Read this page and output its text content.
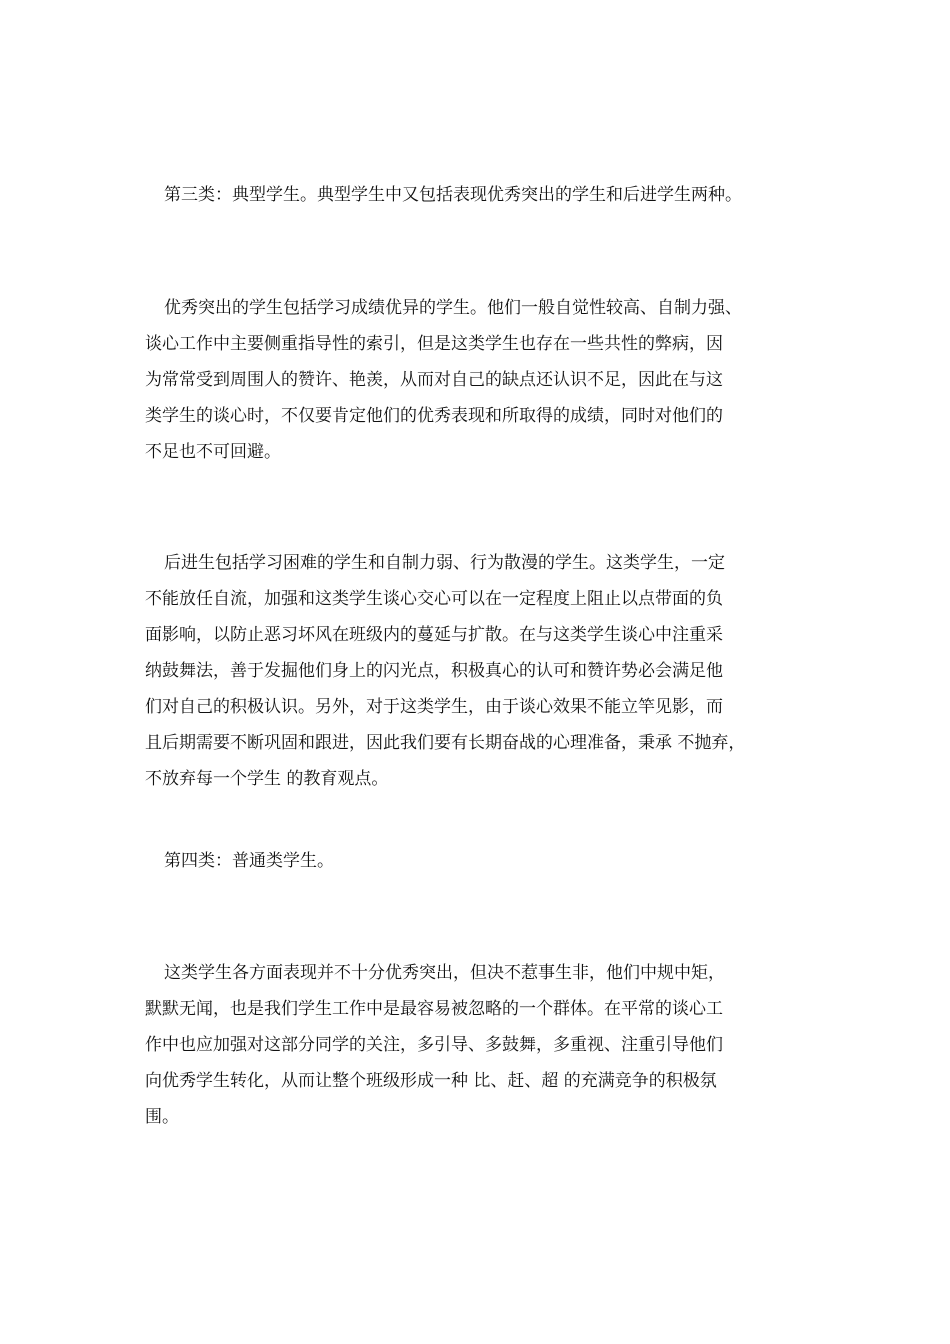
第三类：典型学生。典型学生中又包括表现优秀突出的学生和后进学生两种。

优秀突出的学生包括学习成绩优异的学生。他们一般自觉性较高、自制力强、
谈心工作中主要侧重指导性的索引，但是这类学生也存在一些共性的弊病，因
为常常受到周围人的赞许、艳羡，从而对自己的缺点还认识不足，因此在与这
类学生的谈心时，不仅要肯定他们的优秀表现和所取得的成绩，同时对他们的
不足也不可回避。

后进生包括学习困难的学生和自制力弱、行为散漫的学生。这类学生，一定
不能放任自流，加强和这类学生谈心交心可以在一定程度上阻止以点带面的负
面影响，以防止恶习坏风在班级内的蔓延与扩散。在与这类学生谈心中注重采
纳鼓舞法，善于发掘他们身上的闪光点，积极真心的认可和赞许势必会满足他
们对自己的积极认识。另外，对于这类学生，由于谈心效果不能立竿见影，而
且后期需要不断巩固和跟进，因此我们要有长期奋战的心理准备，秉承 不抛弃，
不放弃每一个学生 的教育观点。

第四类：普通类学生。

这类学生各方面表现并不十分优秀突出，但决不惹事生非，他们中规中矩，
默默无闻，也是我们学生工作中是最容易被忽略的一个群体。在平常的谈心工
作中也应加强对这部分同学的关注，多引导、多鼓舞，多重视、注重引导他们
向优秀学生转化，从而让整个班级形成一种 比、赶、超 的充满竞争的积极氛
围。
